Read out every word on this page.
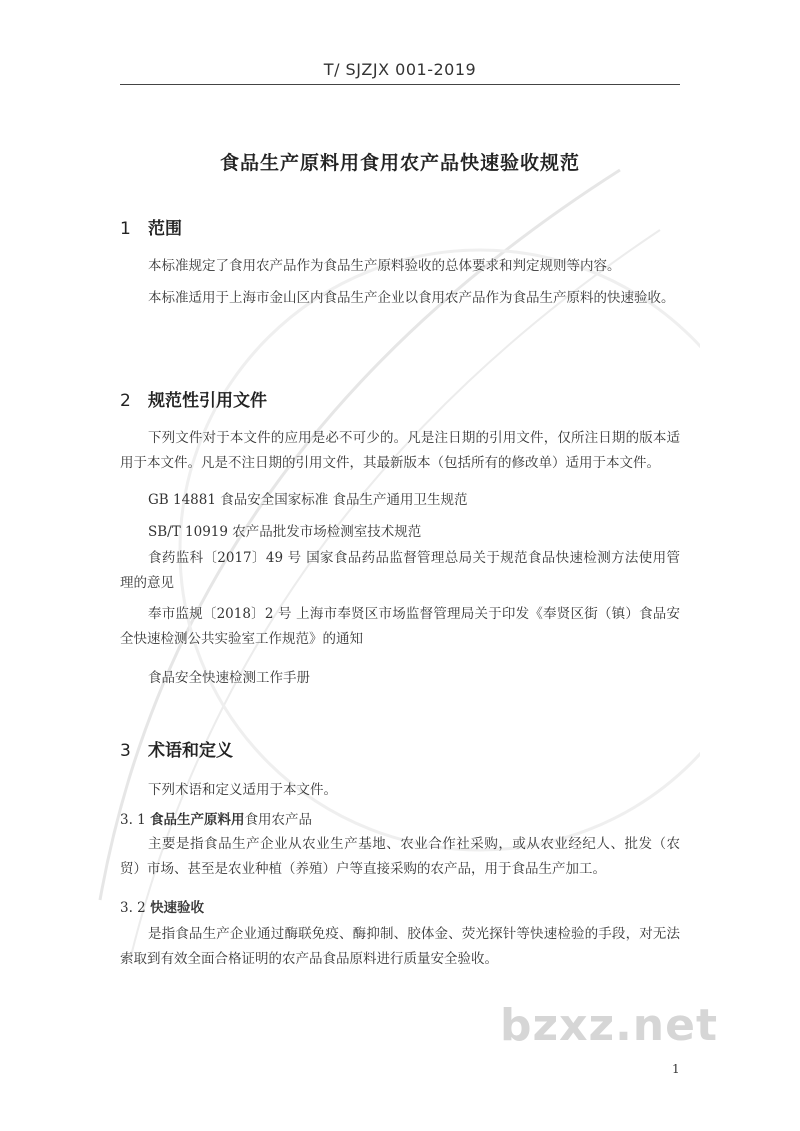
T/ SJZJX 001-2019
食品生产原料用食用农产品快速验收规范
1 范围
本标准规定了食用农产品作为食品生产原料验收的总体要求和判定规则等内容。
本标准适用于上海市金山区内食品生产企业以食用农产品作为食品生产原料的快速验收。
2 规范性引用文件
下列文件对于本文件的应用是必不可少的。凡是注日期的引用文件，仅所注日期的版本适用于本文件。凡是不注日期的引用文件，其最新版本（包括所有的修改单）适用于本文件。
GB 14881 食品安全国家标准 食品生产通用卫生规范
SB/T 10919 农产品批发市场检测室技术规范
食药监科〔2017〕49 号 国家食品药品监督管理总局关于规范食品快速检测方法使用管理的意见
奉市监规〔2018〕2 号 上海市奉贤区市场监督管理局关于印发《奉贤区街（镇）食品安全快速检测公共实验室工作规范》的通知
食品安全快速检测工作手册
3 术语和定义
下列术语和定义适用于本文件。
3. 1 食品生产原料用食用农产品
主要是指食品生产企业从农业生产基地、农业合作社采购，或从农业经纪人、批发（农贸）市场、甚至是农业种植（养殖）户等直接采购的农产品，用于食品生产加工。
3. 2 快速验收
是指食品生产企业通过酶联免疫、酶抑制、胶体金、荧光探针等快速检验的手段，对无法索取到有效全面合格证明的农产品食品原料进行质量安全验收。
bzxz.net
1
